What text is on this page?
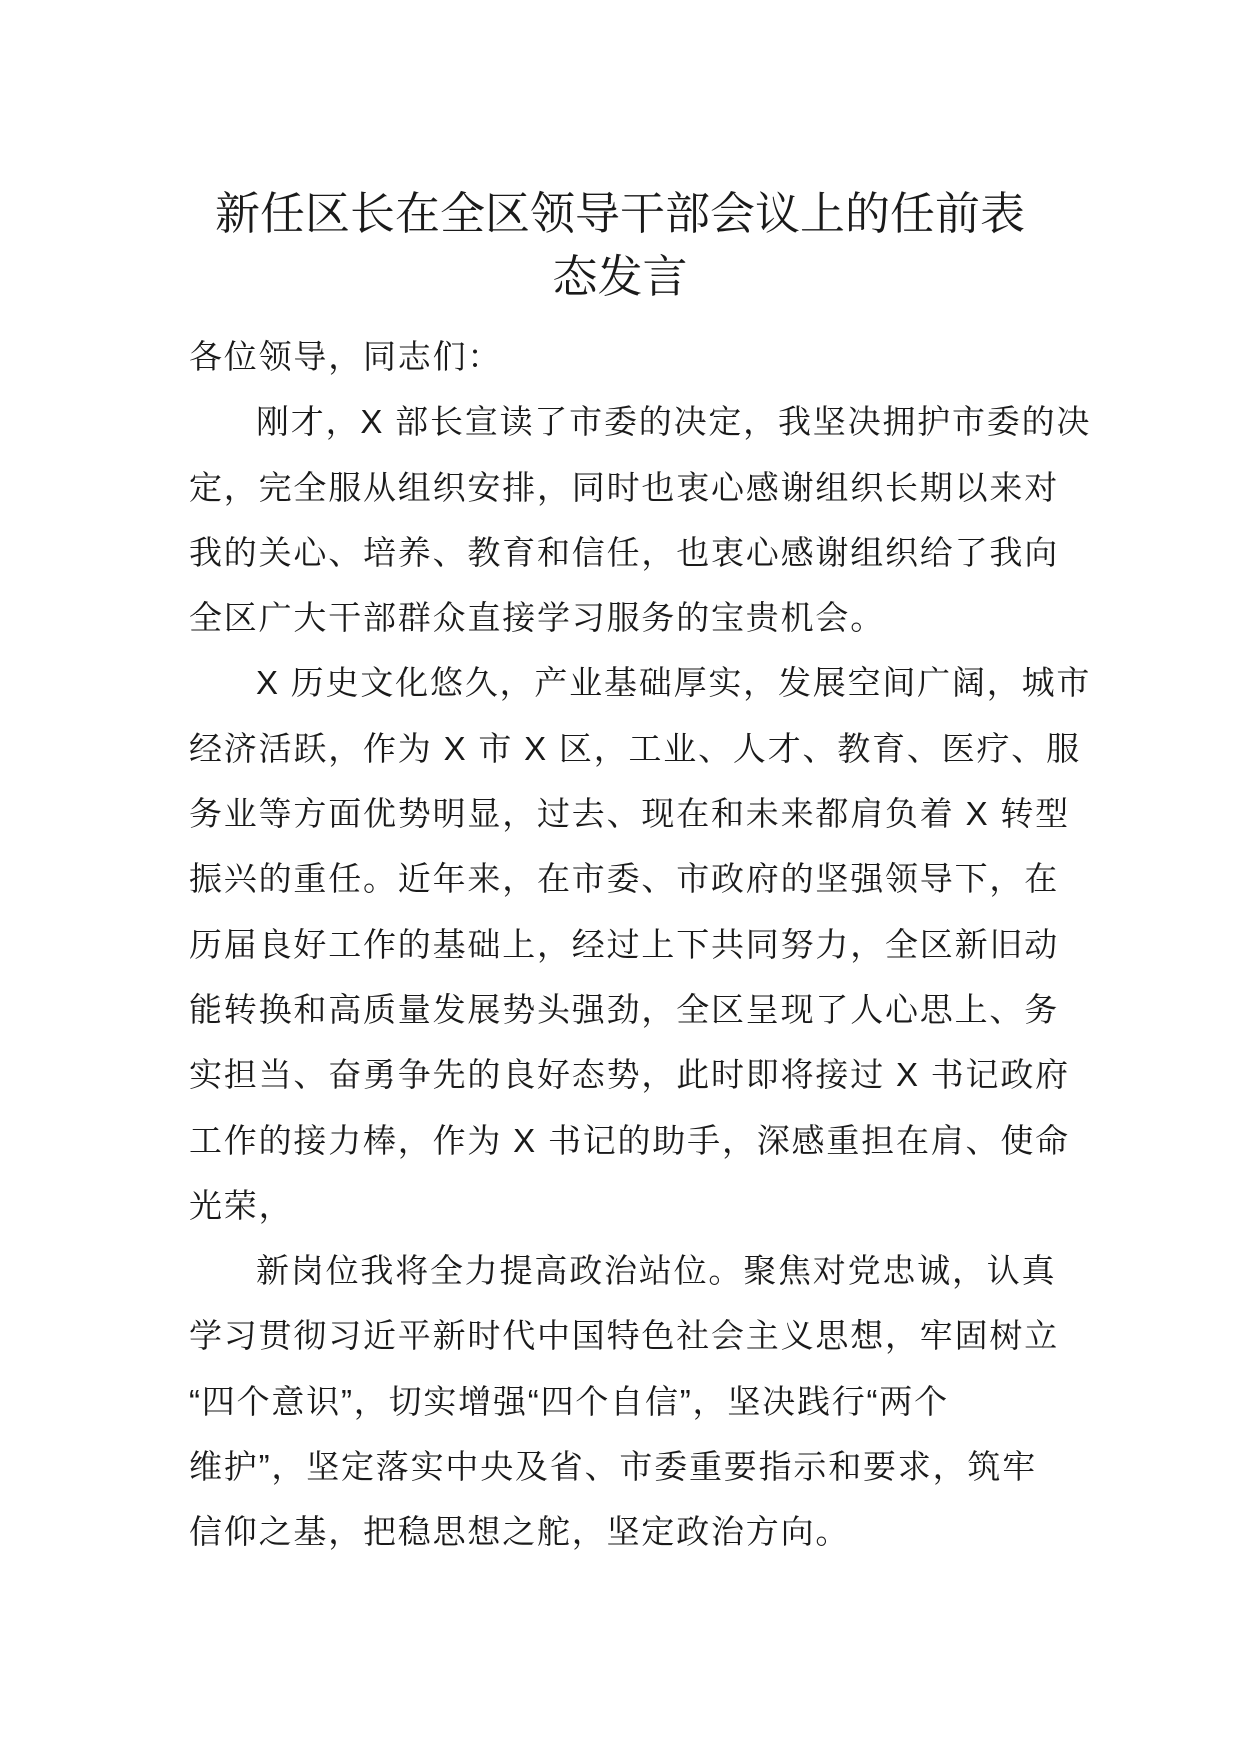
新任区长在全区领导干部会议上的任前表
态发言
各位领导，同志们：
刚才，X 部长宣读了市委的决定，我坚决拥护市委的决
定，完全服从组织安排，同时也衷心感谢组织长期以来对
我的关心、培养、教育和信任，也衷心感谢组织给了我向
全区广大干部群众直接学习服务的宝贵机会。
X 历史文化悠久，产业基础厚实，发展空间广阔，城市
经济活跃，作为 X 市 X 区，工业、人才、教育、医疗、服
务业等方面优势明显，过去、现在和未来都肩负着 X 转型
振兴的重任。近年来，在市委、市政府的坚强领导下，在
历届良好工作的基础上，经过上下共同努力，全区新旧动
能转换和高质量发展势头强劲，全区呈现了人心思上、务
实担当、奋勇争先的良好态势，此时即将接过 X 书记政府
工作的接力棒，作为 X 书记的助手，深感重担在肩、使命
光荣，
新岗位我将全力提高政治站位。聚焦对党忠诚，认真
学习贯彻习近平新时代中国特色社会主义思想，牢固树立
“四个意识”，切实增强“四个自信”，坚决践行“两个
维护”，坚定落实中央及省、市委重要指示和要求，筑牢
信仰之基，把稳思想之舵，坚定政治方向。
